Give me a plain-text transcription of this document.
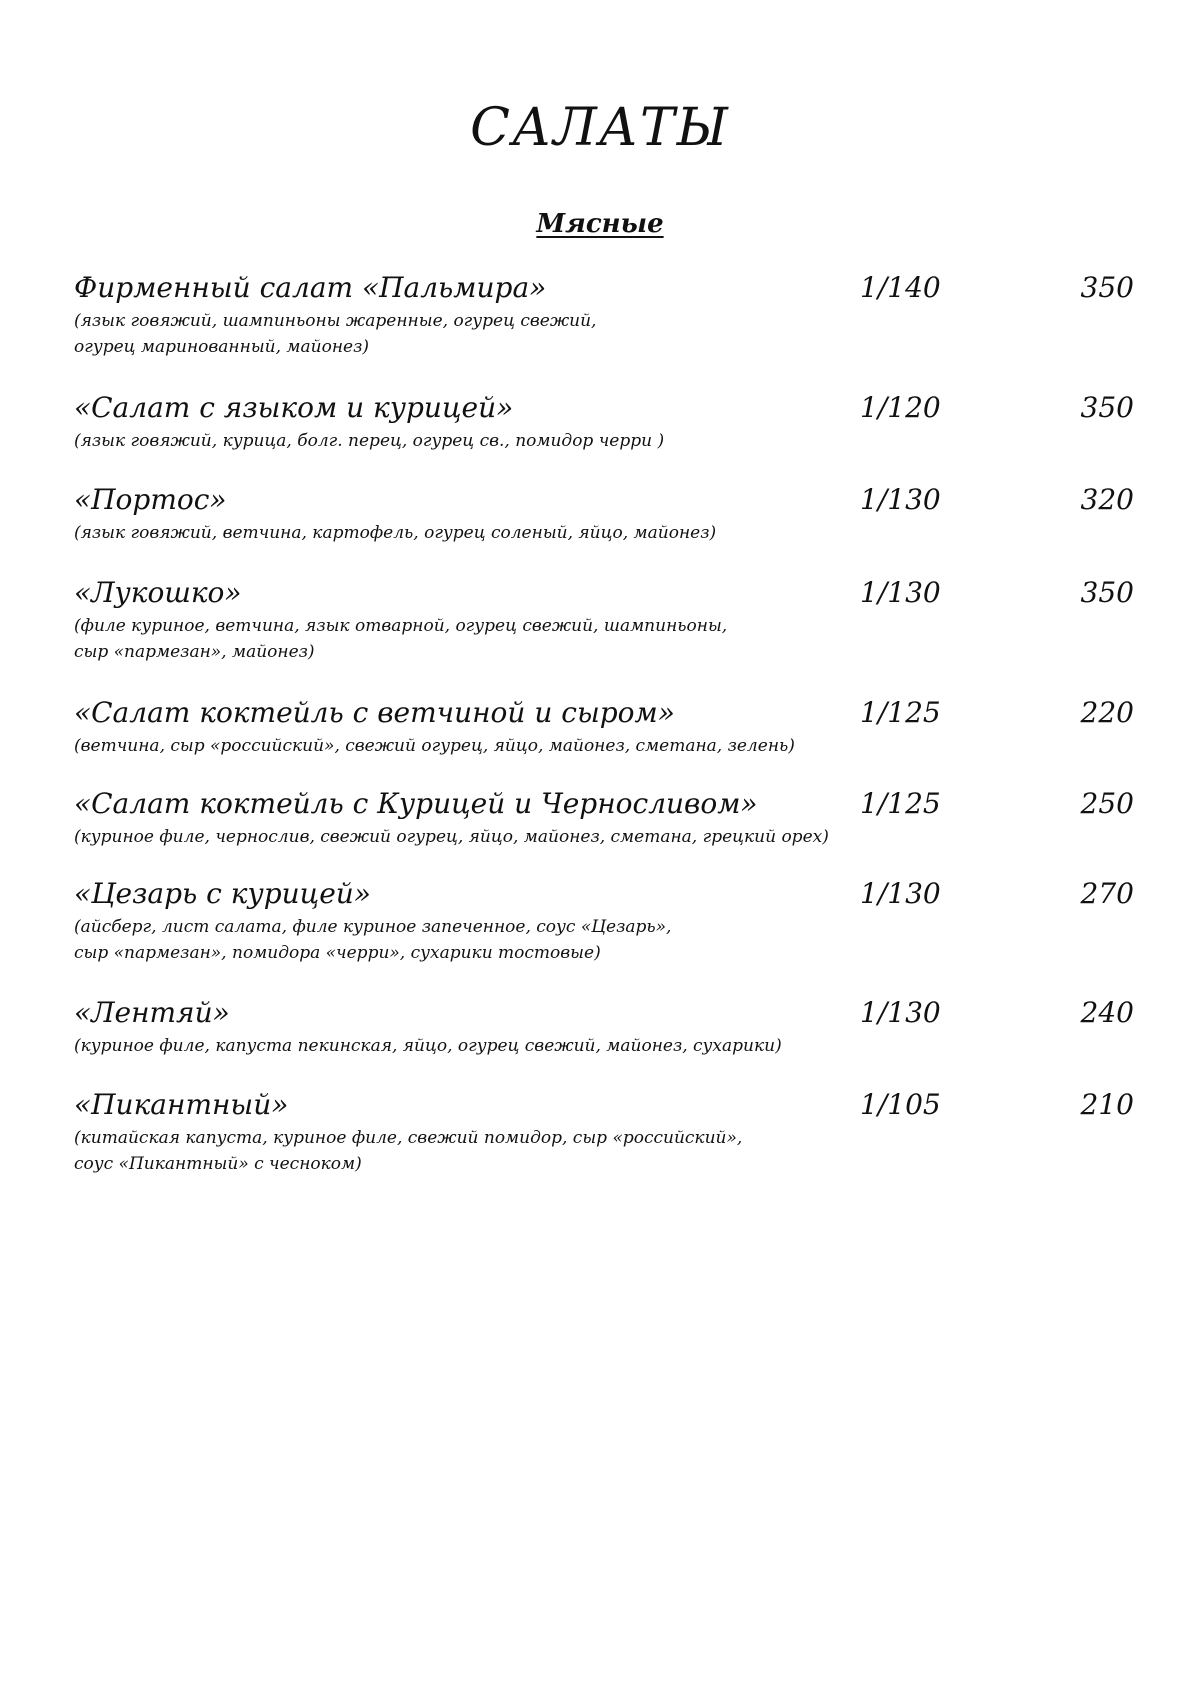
САЛАТЫ
Мясные
Фирменный салат «Пальмира»	1/140	350
(язык говяжий, шампиньоны жаренные, огурец свежий,
огурец маринованный, майонез)
«Салат с языком и курицей»	1/120	350
(язык говяжий, курица, болг. перец, огурец св., помидор черри )
«Портос»	1/130	320
(язык говяжий, ветчина, картофель, огурец соленый, яйцо, майонез)
«Лукошко»	1/130	350
(филе куриное, ветчина, язык отварной, огурец свежий, шампиньоны,
сыр «пармезан», майонез)
«Салат коктейль с ветчиной и сыром»	1/125	220
(ветчина, сыр «российский», свежий огурец, яйцо, майонез, сметана, зелень)
«Салат коктейль с Курицей и Черносливом»	1/125	250
(куриное филе, чернослив, свежий огурец, яйцо, майонез, сметана, грецкий орех)
«Цезарь с курицей»	1/130	270
(айсберг, лист салата, филе куриное запеченное, соус «Цезарь»,
сыр «пармезан», помидора «черри», сухарики тостовые)
«Лентяй»	1/130	240
(куриное филе, капуста пекинская, яйцо, огурец свежий, майонез, сухарики)
«Пикантный»	1/105	210
(китайская капуста, куриное филе, свежий помидор, сыр «российский»,
соус «Пикантный» с чесноком)
